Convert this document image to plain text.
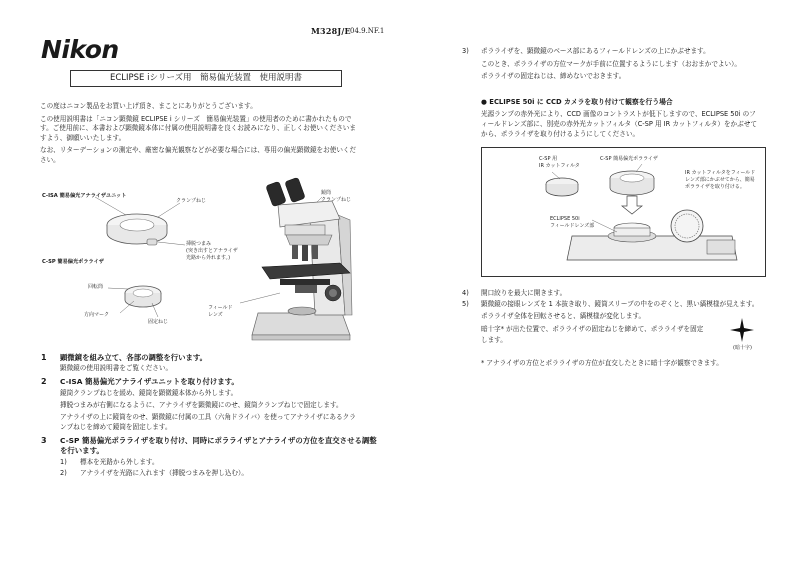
M328J/E 04.9.NF.1
Nikon
ECLIPSE iシリーズ用　簡易偏光装置　使用説明書
この度はニコン製品をお買い上げ頂き、まことにありがとうございます。
この使用説明書は「ニコン顕微鏡 ECLIPSE i シリーズ　簡易偏光装置」の使用者のために書かれたもので
す。ご使用前に、本書および顕微鏡本体に付属の使用説明書を良くお読みになり、正しくお使いくださいま
すよう、御願いいたします。
なお、リターデーションの測定や、厳密な偏光観察などが必要な場合には、専用の偏光顕微鏡をお使いくだ
さい。
C-ISA 簡易偏光アナライザユニット
クランプねじ
挿脱つまみ
(突き出すとアナライザ
光路から外れます。)
C-SP 簡易偏光ポラライザ
回転筒
方向マーク
固定ねじ
フィールド
レンズ
鏡筒
クランプねじ
1 顕微鏡を組み立て、各部の調整を行います。
顕微鏡の使用説明書をご覧ください。
2 C-ISA 簡易偏光アナライザユニットを取り付けます。
鏡筒クランプねじを緩め、鏡筒を顕微鏡本体から外します。
挿脱つまみが右側になるように、アナライザを顕微鏡にのせ、鏡筒クランプねじで固定します。
アナライザの上に鏡筒をのせ、顕微鏡に付属の工具（六角ドライバ）を使ってアナライザにあるクラ
ンプねじを締めて鏡筒を固定します。
3 C-SP 簡易偏光ポラライザを取り付け、同時にポラライザとアナライザの方位を直交させる調整
を行います。
1) 標本を光路から外します。
2) アナライザを光路に入れます（挿脱つまみを押し込む）。
3) ポラライザを、顕微鏡のベース部にあるフィールドレンズの上にかぶせます。
このとき、ポラライザの方位マークが手前に位置するようにします（おおまかでよい）。
ポラライザの固定ねじは、締めないでおきます。
● ECLIPSE 50i に CCD カメラを取り付けて観察を行う場合
光源ランプの赤外光により、CCD 画像のコントラストが低下しますので、ECLIPSE 50i のフ
ィールドレンズ部に、別売の赤外光カットフィルタ（C-SP 用 IR カットフィルタ）をかぶせて
から、ポラライザを取り付けるようにしてください。
C-SP 用
IR カットフィルタ
C-SP 簡易偏光ポラライザ
IR カットフィルタをフィールド
レンズ部にかぶせてから、簡易
ポラライザを取り付ける。
ECLIPSE 50i
フィールドレンズ部
4) 開口絞りを最大に開きます。
5) 顕微鏡の接眼レンズを 1 本抜き取り、鏡筒スリーブの中をのぞくと、黒い縞模様が見えます。
ポラライザ全体を回転させると、縞模様が変化します。
暗十字* が出た位置で、ポラライザの固定ねじを締めて、ポラライザを固定
します。
(暗十字)
* アナライザの方位とポラライザの方位が直交したときに暗十字が観察できます。
